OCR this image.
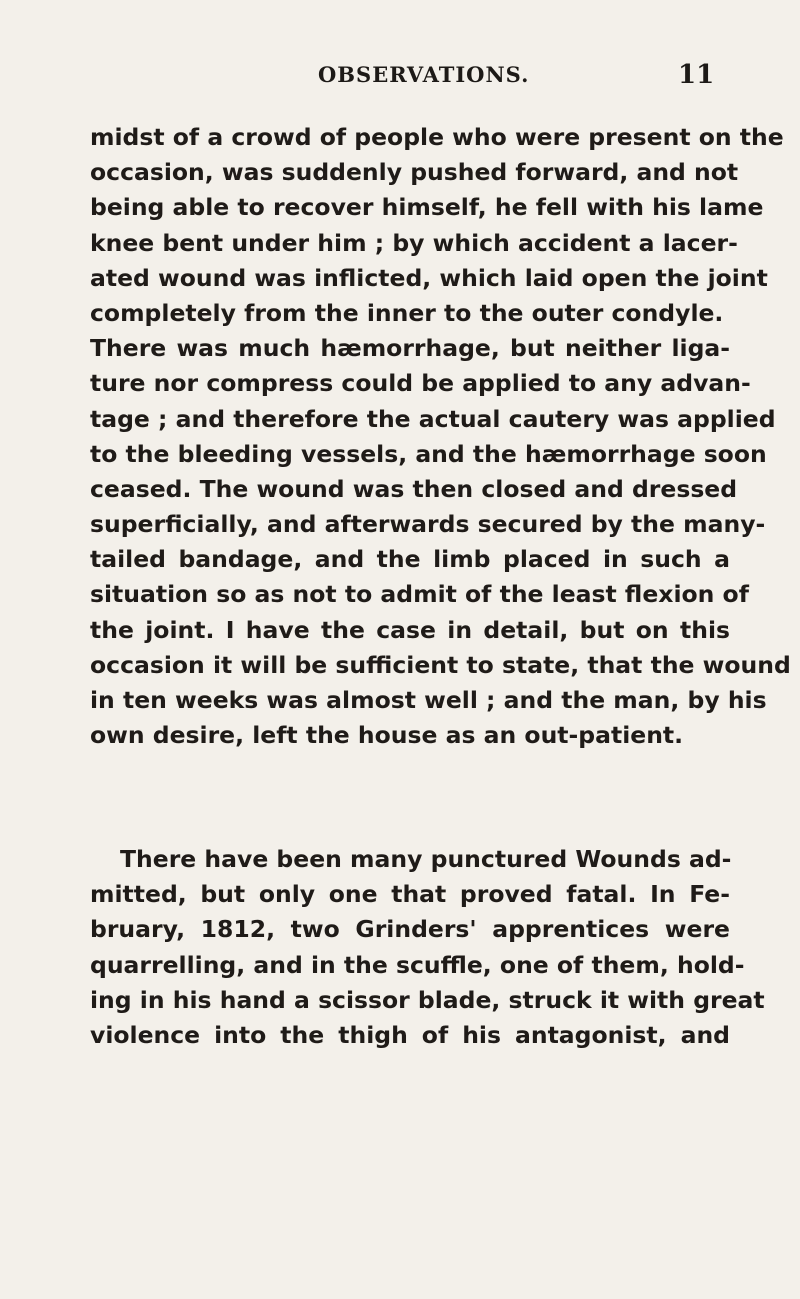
OBSERVATIONS.	11
midst of a crowd of people who were present on the
occasion, was suddenly pushed forward, and not
being able to recover himself, he fell with his lame
knee bent under him ; by which accident a lacer-
ated wound was inflicted, which laid open the joint
completely from the inner to the outer condyle.
There was much hæmorrhage, but neither liga-
ture nor compress could be applied to any advan-
tage ; and therefore the actual cautery was applied
to the bleeding vessels, and the hæmorrhage soon
ceased. The wound was then closed and dressed
superficially, and afterwards secured by the many-
tailed bandage, and the limb placed in such a
situation so as not to admit of the least flexion of
the joint. I have the case in detail, but on this
occasion it will be sufficient to state, that the wound
in ten weeks was almost well ; and the man, by his
own desire, left the house as an out-patient.
There have been many punctured Wounds ad-
mitted, but only one that proved fatal. In Fe-
bruary, 1812, two Grinders' apprentices were
quarrelling, and in the scuffle, one of them, hold-
ing in his hand a scissor blade, struck it with great
violence into the thigh of his antagonist, and
